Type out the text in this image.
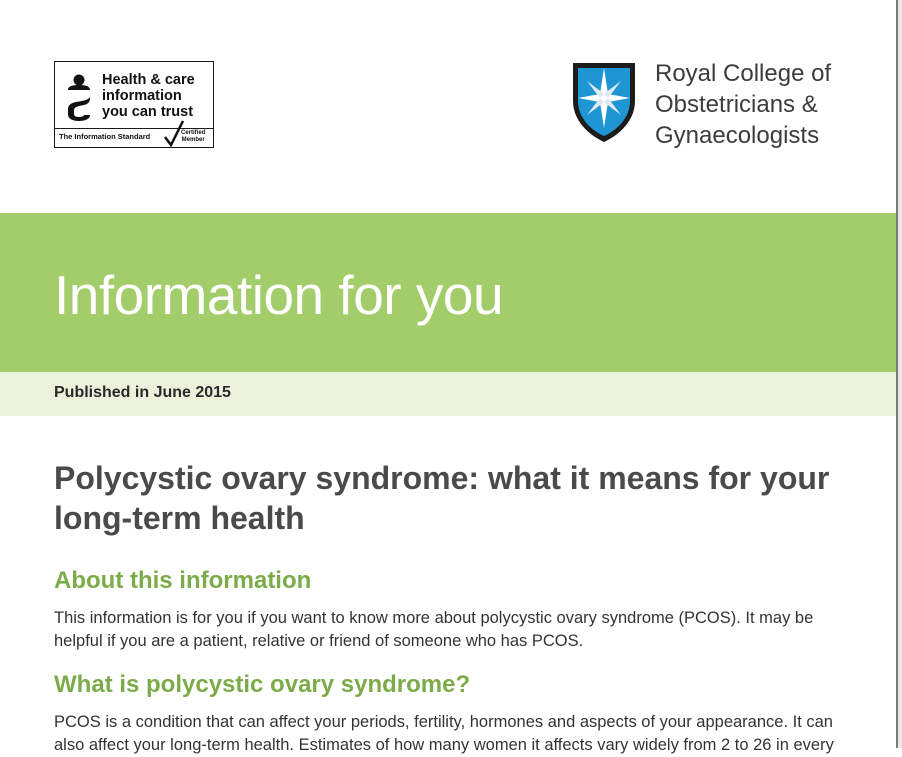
Health & care
information
you can trust
The Information Standard	Certified
Member
Royal College of
Obstetricians &
Gynaecologists
Information for you
Published in June 2015
Polycystic ovary syndrome: what it means for your long-term health
About this information

This information is for you if you want to know more about polycystic ovary syndrome (PCOS). It may be
helpful if you are a patient, relative or friend of someone who has PCOS.

What is polycystic ovary syndrome?

PCOS is a condition that can affect your periods, fertility, hormones and aspects of your appearance. It can
also affect your long-term health. Estimates of how many women it affects vary widely from 2 to 26 in every
